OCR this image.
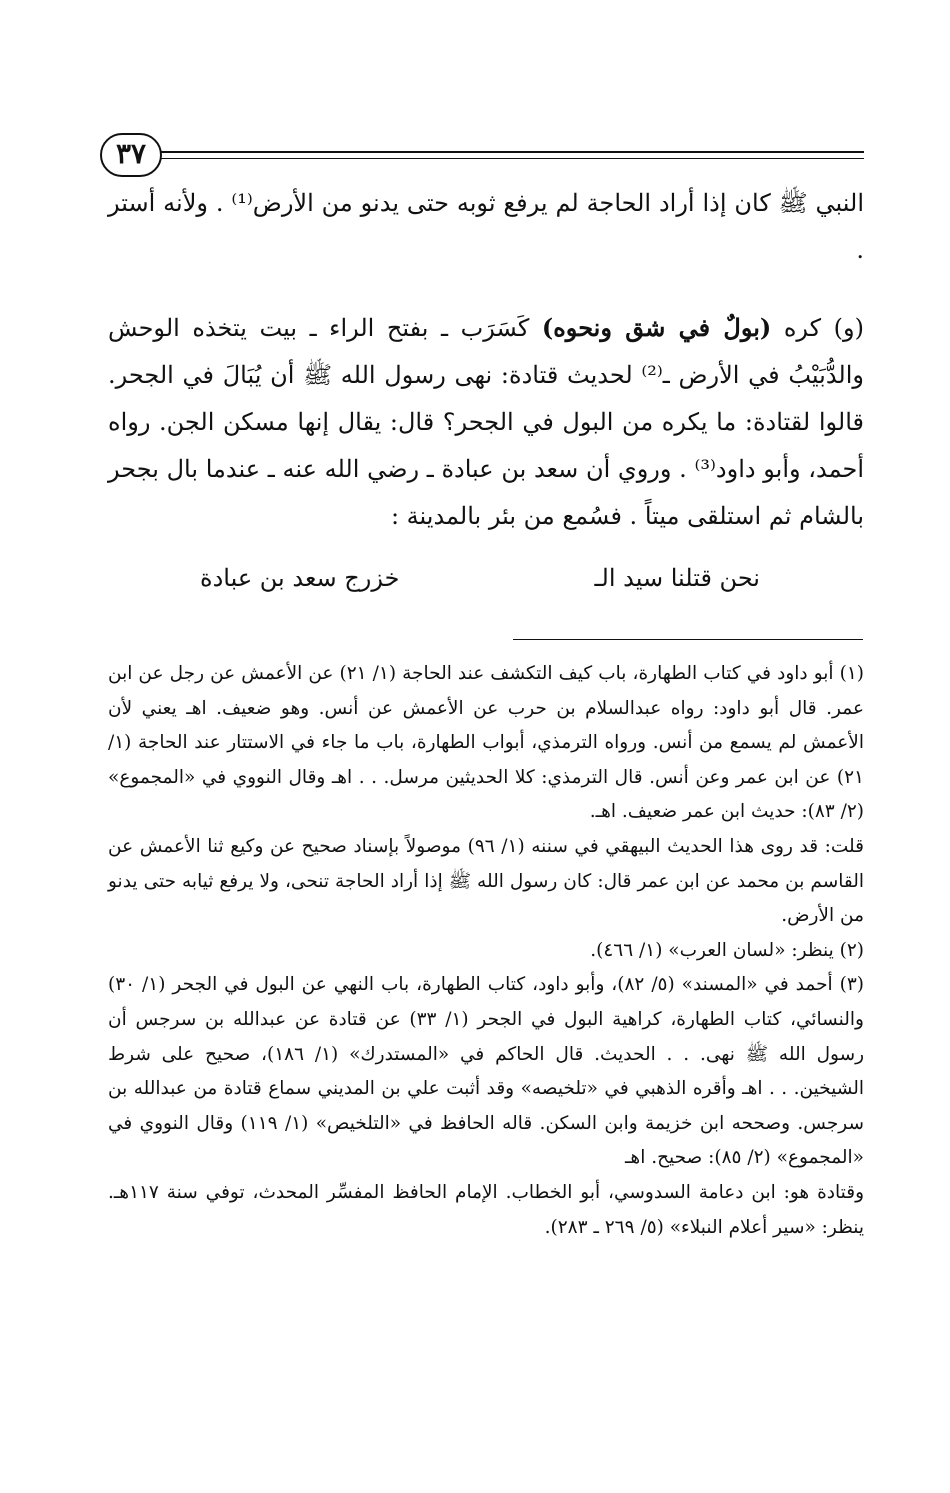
٣٧

النبي ﷺ كان إذا أراد الحاجة لم يرفع ثوبه حتى يدنو من الأرض⁽¹⁾ . ولأنه أستر .

(و) كره (بولٌ في شق ونحوه) كَسَرَب ـ بفتح الراء ـ بيت يتخذه الوحش والدُّبَيْبُ في الأرض ـ⁽²⁾ لحديث قتادة: نهى رسول الله ﷺ أن يُبَالَ في الجحر. قالوا لقتادة: ما يكره من البول في الجحر؟ قال: يقال إنها مسكن الجن. رواه أحمد، وأبو داود⁽³⁾ . وروي أن سعد بن عبادة ـ رضي الله عنه ـ عندما بال بجحر بالشام ثم استلقى ميتاً . فسُمع من بئر بالمدينة :

نحن قتلنا سيد الـ
خزرج سعد بن عبادة

(١) أبو داود في كتاب الطهارة، باب كيف التكشف عند الحاجة (١/ ٢١) عن الأعمش عن رجل عن ابن عمر. قال أبو داود: رواه عبدالسلام بن حرب عن الأعمش عن أنس. وهو ضعيف. اهـ يعني لأن الأعمش لم يسمع من أنس. ورواه الترمذي، أبواب الطهارة، باب ما جاء في الاستتار عند الحاجة (١/ ٢١) عن ابن عمر وعن أنس. قال الترمذي: كلا الحديثين مرسل. . . اهـ وقال النووي في «المجموع» (٢/ ٨٣): حديث ابن عمر ضعيف. اهـ.

قلت: قد روى هذا الحديث البيهقي في سننه (١/ ٩٦) موصولاً بإسناد صحيح عن وكيع ثنا الأعمش عن القاسم بن محمد عن ابن عمر قال: كان رسول الله ﷺ إذا أراد الحاجة تنحى، ولا يرفع ثيابه حتى يدنو من الأرض.

(٢) ينظر: «لسان العرب» (١/ ٤٦٦).

(٣) أحمد في «المسند» (٥/ ٨٢)، وأبو داود، كتاب الطهارة، باب النهي عن البول في الجحر (١/ ٣٠) والنسائي، كتاب الطهارة، كراهية البول في الجحر (١/ ٣٣) عن قتادة عن عبدالله بن سرجس أن رسول الله ﷺ نهى. . . الحديث. قال الحاكم في «المستدرك» (١/ ١٨٦)، صحيح على شرط الشيخين. . . اهـ وأقره الذهبي في «تلخيصه» وقد أثبت علي بن المديني سماع قتادة من عبدالله بن سرجس. وصححه ابن خزيمة وابن السكن. قاله الحافظ في «التلخيص» (١/ ١١٩) وقال النووي في «المجموع» (٢/ ٨٥): صحيح. اهـ

وقتادة هو: ابن دعامة السدوسي، أبو الخطاب. الإمام الحافظ المفسِّر المحدث، توفي سنة ١١٧هـ. ينظر: «سير أعلام النبلاء» (٥/ ٢٦٩ ـ ٢٨٣).
